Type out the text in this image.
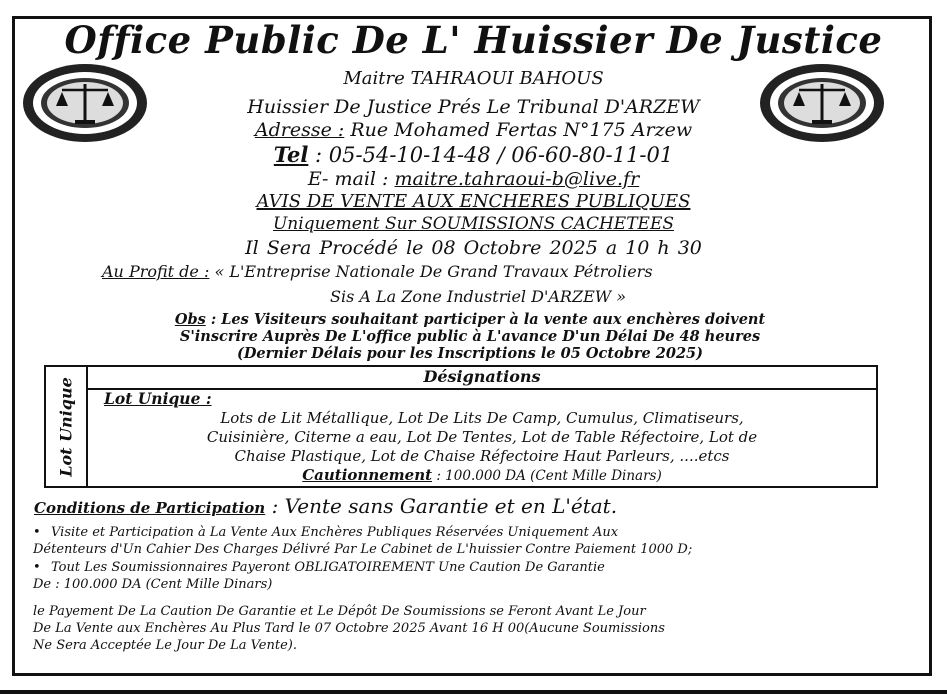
Office Public De L' Huissier De Justice
Maitre TAHRAOUI BAHOUS
Huissier De Justice Prés Le Tribunal D'ARZEW
Adresse : Rue Mohamed Fertas N°175 Arzew
Tel : 05-54-10-14-48 / 06-60-80-11-01
E- mail : maitre.tahraoui-b@live.fr
AVIS DE VENTE AUX ENCHERES PUBLIQUES
Uniquement Sur SOUMISSIONS CACHETEES
Il Sera Procédé le 08 Octobre 2025 a 10 h 30
Au Profit de : « L'Entreprise Nationale De Grand Travaux Pétroliers
Sis A La Zone Industriel D'ARZEW »
Obs : Les Visiteurs souhaitant participer à la vente aux enchères doivent
S'inscrire Auprès De L'office public à L'avance D'un Délai De 48 heures
(Dernier Délais pour les Inscriptions le 05 Octobre 2025)
Lot Unique
Désignations
Lot Unique :
Lots de Lit Métallique, Lot De Lits De Camp, Cumulus, Climatiseurs,
Cuisinière, Citerne a eau, Lot De Tentes, Lot de Table Réfectoire, Lot de
Chaise Plastique, Lot de Chaise Réfectoire Haut Parleurs, ....etcs
Cautionnement : 100.000 DA (Cent Mille Dinars)
Conditions de Participation : Vente sans Garantie et en L'état.
• Visite et Participation à La Vente Aux Enchères Publiques Réservées Uniquement Aux
Détenteurs d'Un Cahier Des Charges Délivré Par Le Cabinet de L'huissier Contre Paiement 1000 D;
• Tout Les Soumissionnaires Payeront OBLIGATOIREMENT Une Caution De Garantie
De : 100.000 DA (Cent Mille Dinars)
le Payement De La Caution De Garantie et Le Dépôt De Soumissions se Feront Avant Le Jour
De La Vente aux Enchères Au Plus Tard le 07 Octobre 2025 Avant 16 H 00(Aucune Soumissions
Ne Sera Acceptée Le Jour De La Vente).
